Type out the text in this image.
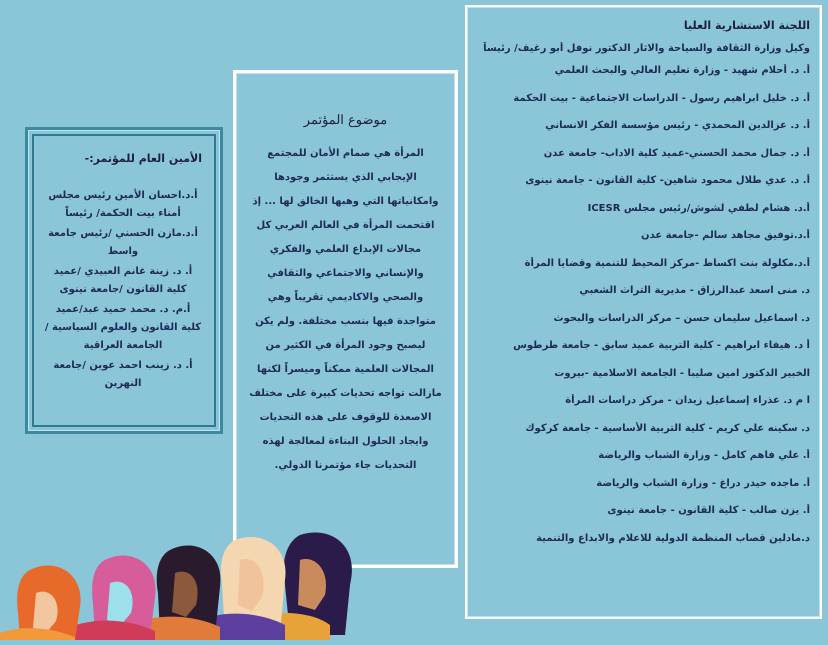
اللجنة الاستشارية العليا
وكيل وزارة الثقافة والسياحة والاثار الدكتور نوفل أبو رغيف/ رئيساً
أ. د. أحلام شهيد - وزارة تعليم العالي والبحث العلمي
أ. د. خليل ابراهيم رسول - الدراسات الاجتماعية - بيت الحكمة
أ. د. عزالدين المحمدي - رئيس مؤسسة الفكر الانساني
أ. د. جمال محمد الحسني-عميد كلية الاداب- جامعة عدن
أ. د. عدي طلال محمود شاهين- كلية القانون - جامعة نينوى
أ.د. هشام لطفي لشوش/رئيس مجلس ICESR
أ.د.توفيق مجاهد سالم -جامعة عدن
أ.د.مكلولة بنت اكساط -مركز المحيط للتنمية وقضايا المرأة
د. منى اسعد عبدالرزاق - مديرية التراث الشعبي
د. اسماعيل سليمان حسن – مركز الدراسات والبحوث
أ د. هيفاء ابراهيم - كلية التربية عميد سابق - جامعة طرطوس
الخبير الدكتور امين صليبا - الجامعة الاسلامية -بيروت
ا م د. عذراء إسماعيل زيدان - مركز دراسات المرأة
د. سكينه علي كريم - كلية التربية الأساسية - جامعة كركوك
أ. علي فاهم كامل - وزارة الشباب والرياضة
أ. ماجده حيدر دراغ - وزارة الشباب والرياضة
أ. يزن صالب - كلية القانون - جامعة نينوى
د.مادلين قصاب المنظمة الدولية للاعلام والابداع والتنمية
موضوع المؤتمر
المرأة هي صمام الأمان للمجتمع الإيجابي الذي يستثمر وجودها وامكانياتها التي وهبها الخالق لها ... إذ اقتحمت المرأة في العالم العربي كل مجالات الإبداع العلمي والفكري والإنساني والاجتماعي والثقافي والصحي والاكاديمي تقريباً وهي متواجدة فيها بنسب مختلفة. ولم يكن ليصبح وجود المرأة في الكثير من المجالات العلمية ممكناً وميسراً لكنها مازالت تواجه تحديات كبيرة على مختلف الاصعدة للوقوف على هذه التحديات وايجاد الحلول البناءة لمعالجة لهذه التحديات جاء مؤتمرنا الدولي.
الأمين العام للمؤتمر:-
أ.د.احسان الأمين رئيس مجلس أمناء بيت الحكمة/ رئيساً
أ.د.مازن الحسني /رئيس جامعة واسط
أ. د. زينة غانم العبيدي /عميد كلية القانون /جامعة نينوى
أ.م. د. محمد حميد عبد/عميد كلية القانون والعلوم السياسية / الجامعة العراقية
أ. د. زينب احمد عوين /جامعة النهرين
